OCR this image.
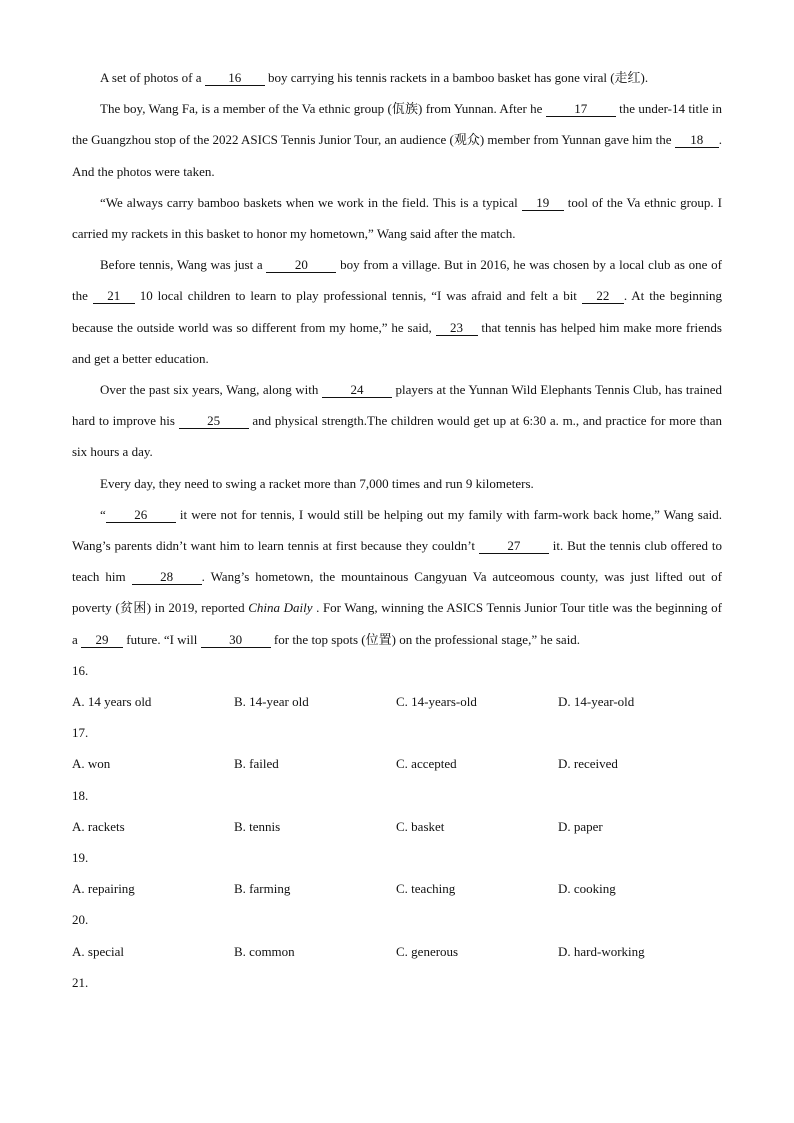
A set of photos of a 16 boy carrying his tennis rackets in a bamboo basket has gone viral (走红).

The boy, Wang Fa, is a member of the Va ethnic group (佤族) from Yunnan. After he 17 the under-14 title in the Guangzhou stop of the 2022 ASICS Tennis Junior Tour, an audience (观众) member from Yunnan gave him the 18 . And the photos were taken.

“We always carry bamboo baskets when we work in the field. This is a typical 19 tool of the Va ethnic group. I carried my rackets in this basket to honor my hometown,” Wang said after the match.

Before tennis, Wang was just a 20 boy from a village. But in 2016, he was chosen by a local club as one of the 21 10 local children to learn to play professional tennis, “I was afraid and felt a bit 22 . At the beginning because the outside world was so different from my home,” he said, 23 that tennis has helped him make more friends and get a better education.

Over the past six years, Wang, along with 24 players at the Yunnan Wild Elephants Tennis Club, has trained hard to improve his 25 and physical strength.The children would get up at 6:30 a. m., and practice for more than six hours a day.

Every day, they need to swing a racket more than 7,000 times and run 9 kilometers.

“ 26 it were not for tennis, I would still be helping out my family with farm-work back home,” Wang said. Wang’s parents didn’t want him to learn tennis at first because they couldn’t 27 it. But the tennis club offered to teach him 28 . Wang’s hometown, the mountainous Cangyuan Va autceomous county, was just lifted out of poverty (贫困) in 2019, reported China Daily . For Wang, winning the ASICS Tennis Junior Tour title was the beginning of a 29 future. “I will 30 for the top spots (位置) on the professional stage,” he said.

16.

A. 14 years old	B. 14-year old	C. 14-years-old	D. 14-year-old

17.

A. won	B. failed	C. accepted	D. received

18.

A. rackets	B. tennis	C. basket	D. paper

19.

A. repairing	B. farming	C. teaching	D. cooking

20.

A. special	B. common	C. generous	D. hard-working

21.
